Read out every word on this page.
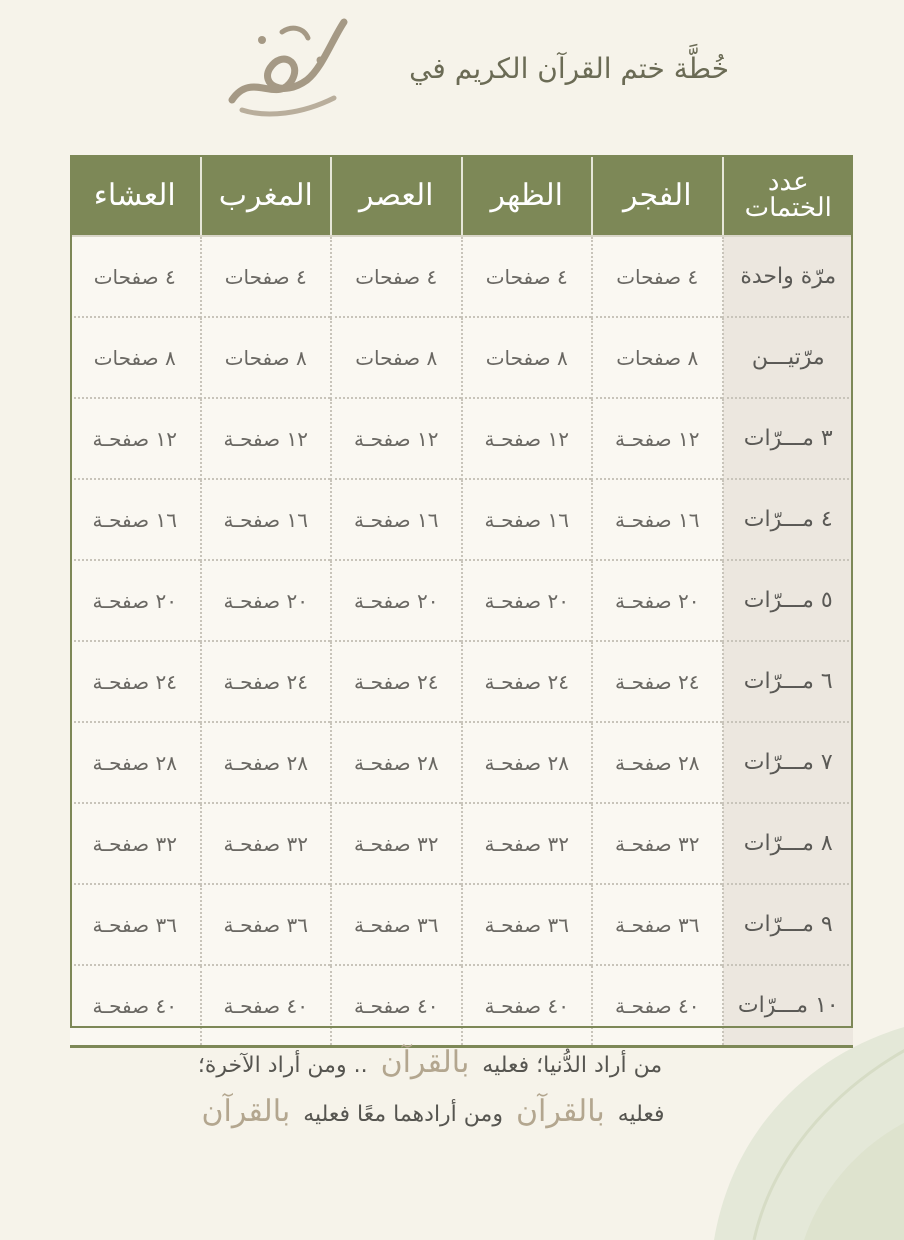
خُطَّة ختم القرآن الكريم في
عدد الختمات	الفجر	الظهر	العصر	المغرب	العشاء
مرّة واحدة	٤ صفحات	٤ صفحات	٤ صفحات	٤ صفحات	٤ صفحات
مرّتيـــن	٨ صفحات	٨ صفحات	٨ صفحات	٨ صفحات	٨ صفحات
٣ مـــرّات	١٢ صفحـة	١٢ صفحـة	١٢ صفحـة	١٢ صفحـة	١٢ صفحـة
٤ مـــرّات	١٦ صفحـة	١٦ صفحـة	١٦ صفحـة	١٦ صفحـة	١٦ صفحـة
٥ مـــرّات	٢٠ صفحـة	٢٠ صفحـة	٢٠ صفحـة	٢٠ صفحـة	٢٠ صفحـة
٦ مـــرّات	٢٤ صفحـة	٢٤ صفحـة	٢٤ صفحـة	٢٤ صفحـة	٢٤ صفحـة
٧ مـــرّات	٢٨ صفحـة	٢٨ صفحـة	٢٨ صفحـة	٢٨ صفحـة	٢٨ صفحـة
٨ مـــرّات	٣٢ صفحـة	٣٢ صفحـة	٣٢ صفحـة	٣٢ صفحـة	٣٢ صفحـة
٩ مـــرّات	٣٦ صفحـة	٣٦ صفحـة	٣٦ صفحـة	٣٦ صفحـة	٣٦ صفحـة
١٠ مـــرّات	٤٠ صفحـة	٤٠ صفحـة	٤٠ صفحـة	٤٠ صفحـة	٤٠ صفحـة
من أراد الدُّنيا؛ فعليه بالقرآن .. ومن أراد الآخرة؛
فعليه بالقرآن ومن أرادهما معًا فعليه بالقرآن
